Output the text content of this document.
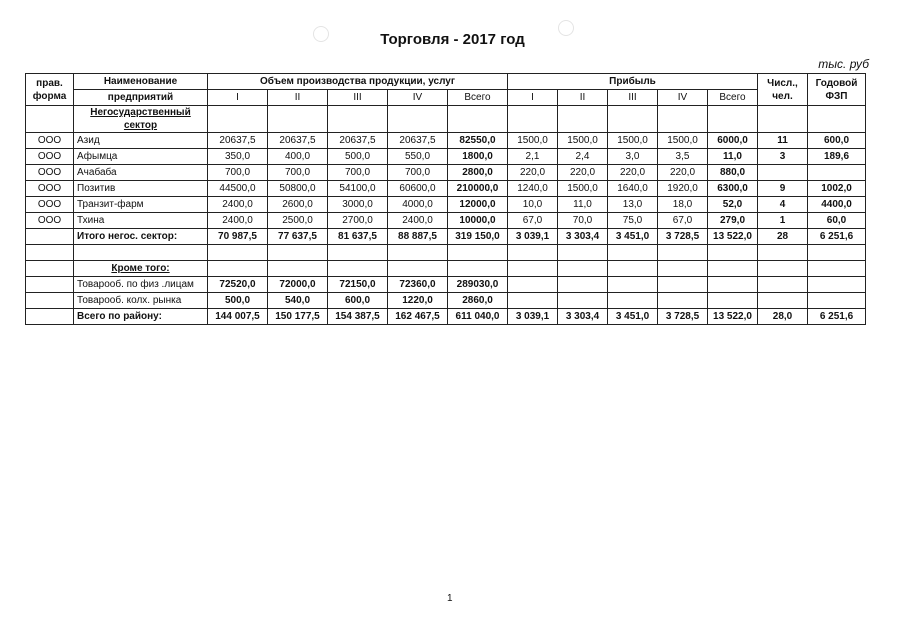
Торговля - 2017 год
тыс. руб
прав. форма	Наименование	Объем производства продукции, услуг					Прибыль					Числ., чел.	Годовой ФЗП
	предприятий	I	II	III	IV	Всего	I	II	III	IV	Всего		
	Негосударственный сектор												
ООО	Азид	20637,5	20637,5	20637,5	20637,5	82550,0	1500,0	1500,0	1500,0	1500,0	6000,0	11	600,0
ООО	Афымца	350,0	400,0	500,0	550,0	1800,0	2,1	2,4	3,0	3,5	11,0	3	189,6
ООО	Ачабаба	700,0	700,0	700,0	700,0	2800,0	220,0	220,0	220,0	220,0	880,0		
ООО	Позитив	44500,0	50800,0	54100,0	60600,0	210000,0	1240,0	1500,0	1640,0	1920,0	6300,0	9	1002,0
ООО	Транзит-фарм	2400,0	2600,0	3000,0	4000,0	12000,0	10,0	11,0	13,0	18,0	52,0	4	4400,0
ООО	Тхина	2400,0	2500,0	2700,0	2400,0	10000,0	67,0	70,0	75,0	67,0	279,0	1	60,0
	Итого негос. сектор:	70 987,5	77 637,5	81 637,5	88 887,5	319 150,0	3 039,1	3 303,4	3 451,0	3 728,5	13 522,0	28	6 251,6

	Кроме того:												
	Товарооб. по физ .лицам	72520,0	72000,0	72150,0	72360,0	289030,0							
	Товарооб. колх. рынка	500,0	540,0	600,0	1220,0	2860,0							
	Всего по району:	144 007,5	150 177,5	154 387,5	162 467,5	611 040,0	3 039,1	3 303,4	3 451,0	3 728,5	13 522,0	28,0	6 251,6
1
